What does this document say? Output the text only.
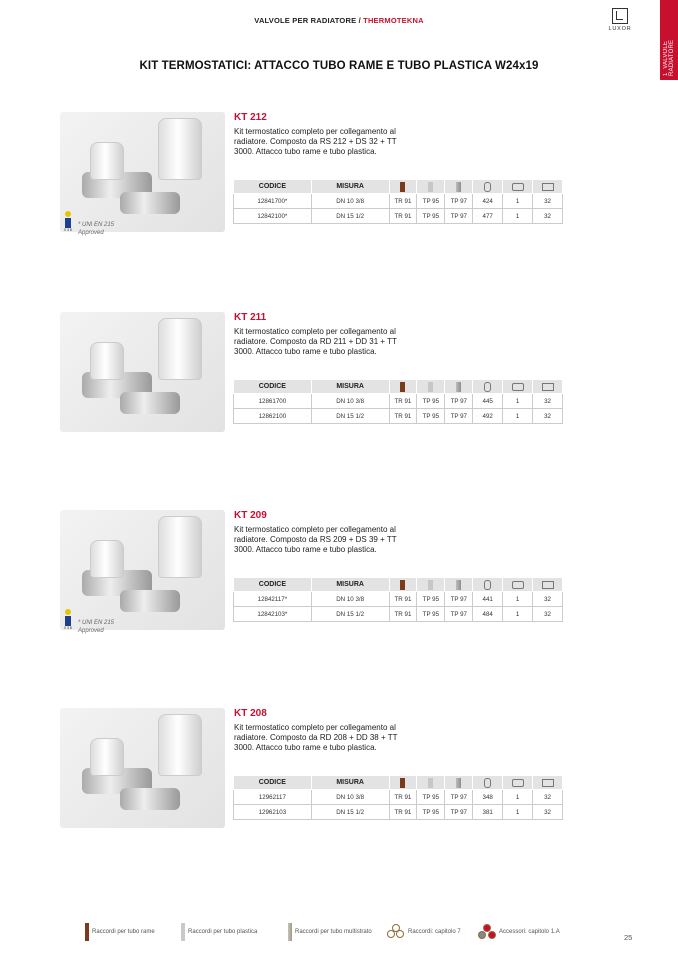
VALVOLE PER RADIATORE / THERMOTEKNA
LUXOR
1  VALVOLE RADIATORE
KIT TERMOSTATICI: ATTACCO TUBO RAME E TUBO PLASTICA W24x19
0 3 8
* UNI EN 215
Approved
KT 212
Kit termostatico completo per collegamento al radiatore. Composto da RS 212 + DS 32 + TT 3000. Attacco tubo rame e tubo plastica.
CODICE	MISURA						
12841700*	DN 10 3/8	TR 91	TP 95	TP 97	424	1	32
12842100*	DN 15 1/2	TR 91	TP 95	TP 97	477	1	32
KT 211
Kit termostatico completo per collegamento al radiatore. Composto da RD 211 + DD 31 + TT 3000. Attacco tubo rame e tubo plastica.
CODICE	MISURA						
12861700	DN 10 3/8	TR 91	TP 95	TP 97	445	1	32
12862100	DN 15 1/2	TR 91	TP 95	TP 97	492	1	32
0 3 8
* UNI EN 215
Approved
KT 209
Kit termostatico completo per collegamento al radiatore. Composto da RS 209 + DS 39 + TT 3000. Attacco tubo rame e tubo plastica.
CODICE	MISURA						
12842117*	DN 10 3/8	TR 91	TP 95	TP 97	441	1	32
12842103*	DN 15 1/2	TR 91	TP 95	TP 97	484	1	32
KT 208
Kit termostatico completo per collegamento al radiatore. Composto da RD 208 + DD 38 + TT 3000. Attacco tubo rame e tubo plastica.
CODICE	MISURA						
12962117	DN 10 3/8	TR 91	TP 95	TP 97	348	1	32
12962103	DN 15 1/2	TR 91	TP 95	TP 97	381	1	32
Raccordi per tubo rame	Raccordi per tubo plastica	Raccordi per tubo multistrato	Raccordi: capitolo 7	Accessori: capitolo 1.A
25
